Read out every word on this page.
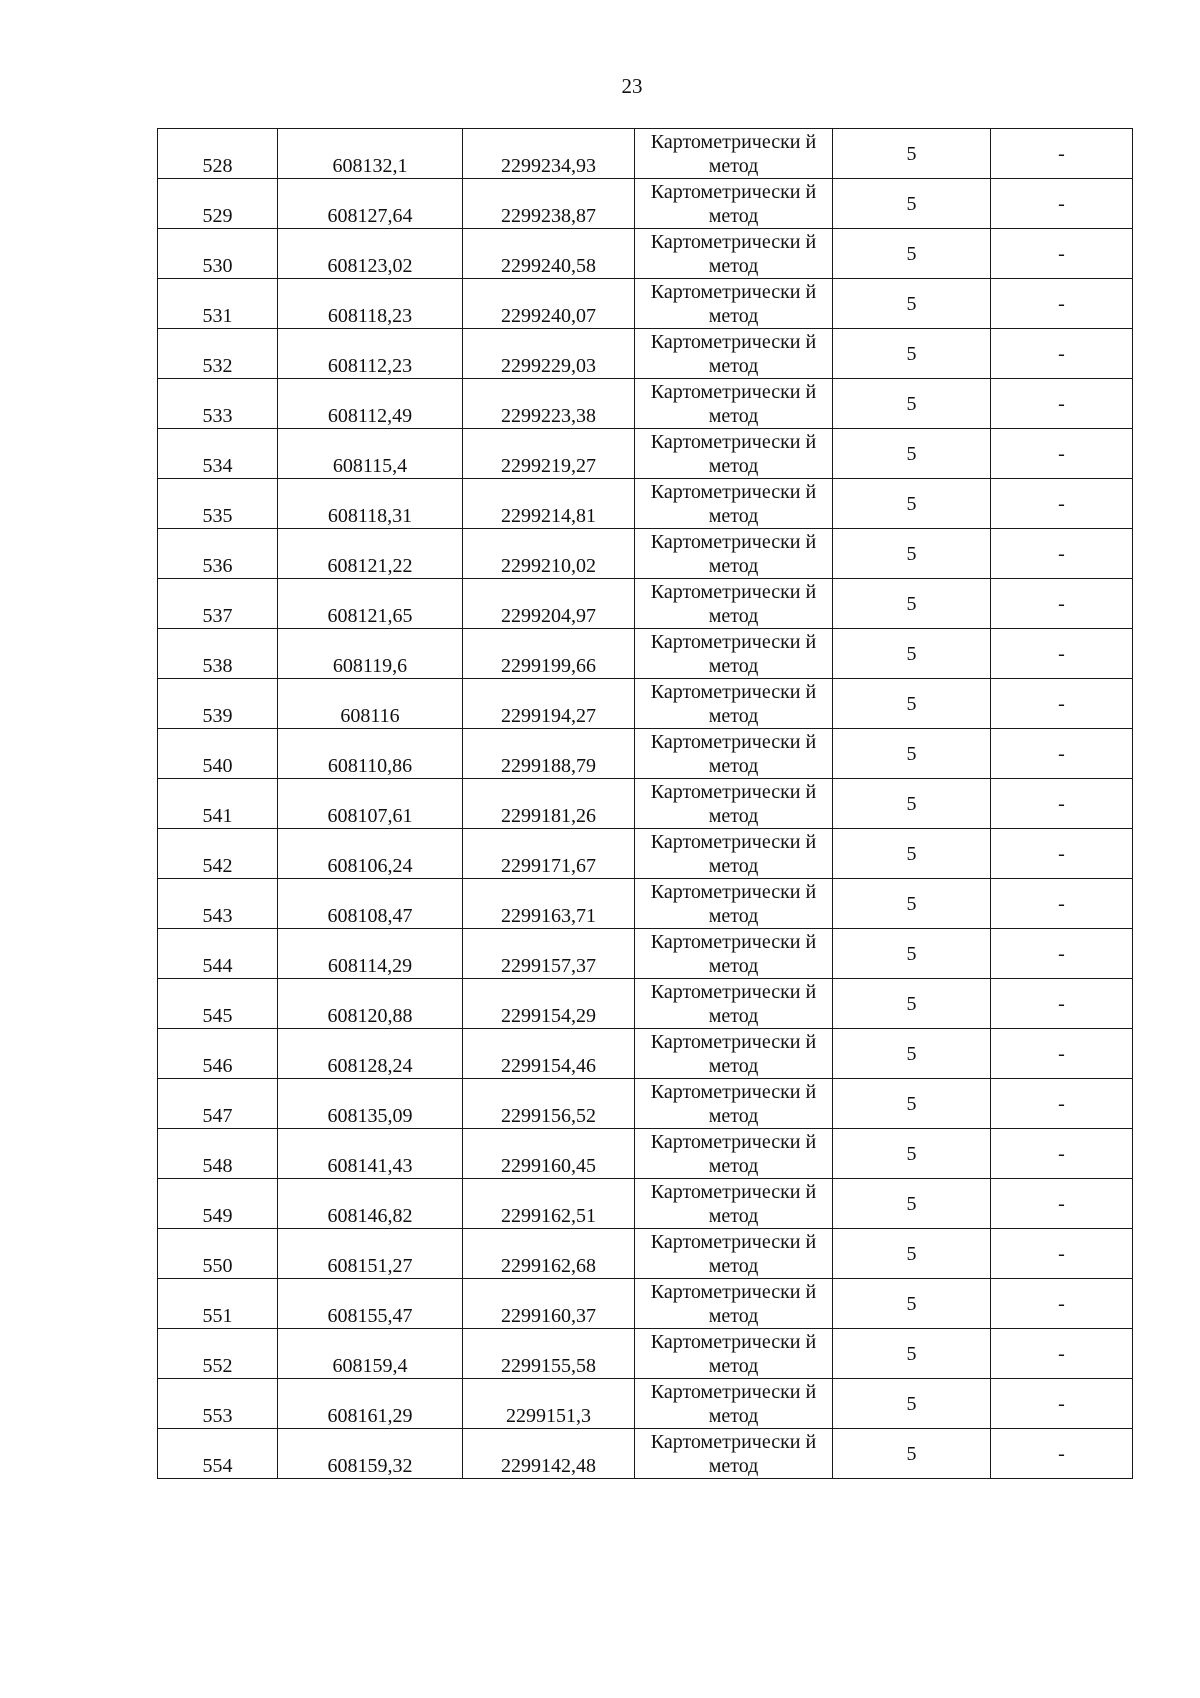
23
528	608132,1	2299234,93	Картометрически й метод	5	-
529	608127,64	2299238,87	Картометрически й метод	5	-
530	608123,02	2299240,58	Картометрически й метод	5	-
531	608118,23	2299240,07	Картометрически й метод	5	-
532	608112,23	2299229,03	Картометрически й метод	5	-
533	608112,49	2299223,38	Картометрически й метод	5	-
534	608115,4	2299219,27	Картометрически й метод	5	-
535	608118,31	2299214,81	Картометрически й метод	5	-
536	608121,22	2299210,02	Картометрически й метод	5	-
537	608121,65	2299204,97	Картометрически й метод	5	-
538	608119,6	2299199,66	Картометрически й метод	5	-
539	608116	2299194,27	Картометрически й метод	5	-
540	608110,86	2299188,79	Картометрически й метод	5	-
541	608107,61	2299181,26	Картометрически й метод	5	-
542	608106,24	2299171,67	Картометрически й метод	5	-
543	608108,47	2299163,71	Картометрически й метод	5	-
544	608114,29	2299157,37	Картометрически й метод	5	-
545	608120,88	2299154,29	Картометрически й метод	5	-
546	608128,24	2299154,46	Картометрически й метод	5	-
547	608135,09	2299156,52	Картометрически й метод	5	-
548	608141,43	2299160,45	Картометрически й метод	5	-
549	608146,82	2299162,51	Картометрически й метод	5	-
550	608151,27	2299162,68	Картометрически й метод	5	-
551	608155,47	2299160,37	Картометрически й метод	5	-
552	608159,4	2299155,58	Картометрически й метод	5	-
553	608161,29	2299151,3	Картометрически й метод	5	-
554	608159,32	2299142,48	Картометрически й метод	5	-
